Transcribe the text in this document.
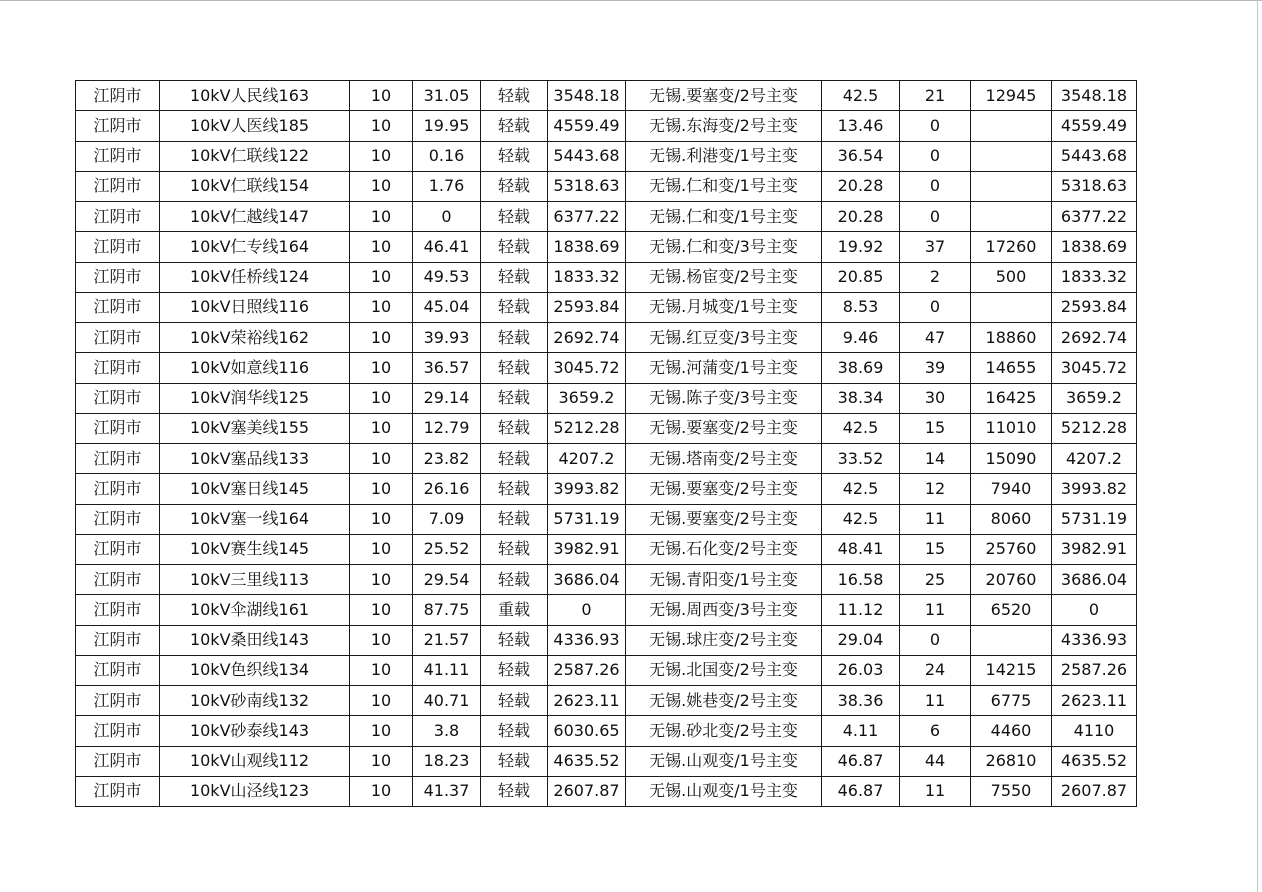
江阴市	10kV人民线163	10	31.05	轻载	3548.18	无锡.要塞变/2号主变	42.5	21	12945	3548.18
江阴市	10kV人医线185	10	19.95	轻载	4559.49	无锡.东海变/2号主变	13.46	0		4559.49
江阴市	10kV仁联线122	10	0.16	轻载	5443.68	无锡.利港变/1号主变	36.54	0		5443.68
江阴市	10kV仁联线154	10	1.76	轻载	5318.63	无锡.仁和变/1号主变	20.28	0		5318.63
江阴市	10kV仁越线147	10	0	轻载	6377.22	无锡.仁和变/1号主变	20.28	0		6377.22
江阴市	10kV仁专线164	10	46.41	轻载	1838.69	无锡.仁和变/3号主变	19.92	37	17260	1838.69
江阴市	10kV任桥线124	10	49.53	轻载	1833.32	无锡.杨宦变/2号主变	20.85	2	500	1833.32
江阴市	10kV日照线116	10	45.04	轻载	2593.84	无锡.月城变/1号主变	8.53	0		2593.84
江阴市	10kV荣裕线162	10	39.93	轻载	2692.74	无锡.红豆变/3号主变	9.46	47	18860	2692.74
江阴市	10kV如意线116	10	36.57	轻载	3045.72	无锡.河蒲变/1号主变	38.69	39	14655	3045.72
江阴市	10kV润华线125	10	29.14	轻载	3659.2	无锡.陈子变/3号主变	38.34	30	16425	3659.2
江阴市	10kV塞美线155	10	12.79	轻载	5212.28	无锡.要塞变/2号主变	42.5	15	11010	5212.28
江阴市	10kV塞品线133	10	23.82	轻载	4207.2	无锡.塔南变/2号主变	33.52	14	15090	4207.2
江阴市	10kV塞日线145	10	26.16	轻载	3993.82	无锡.要塞变/2号主变	42.5	12	7940	3993.82
江阴市	10kV塞一线164	10	7.09	轻载	5731.19	无锡.要塞变/2号主变	42.5	11	8060	5731.19
江阴市	10kV赛生线145	10	25.52	轻载	3982.91	无锡.石化变/2号主变	48.41	15	25760	3982.91
江阴市	10kV三里线113	10	29.54	轻载	3686.04	无锡.青阳变/1号主变	16.58	25	20760	3686.04
江阴市	10kV伞湖线161	10	87.75	重载	0	无锡.周西变/3号主变	11.12	11	6520	0
江阴市	10kV桑田线143	10	21.57	轻载	4336.93	无锡.球庄变/2号主变	29.04	0		4336.93
江阴市	10kV色织线134	10	41.11	轻载	2587.26	无锡.北国变/2号主变	26.03	24	14215	2587.26
江阴市	10kV砂南线132	10	40.71	轻载	2623.11	无锡.姚巷变/2号主变	38.36	11	6775	2623.11
江阴市	10kV砂泰线143	10	3.8	轻载	6030.65	无锡.砂北变/2号主变	4.11	6	4460	4110
江阴市	10kV山观线112	10	18.23	轻载	4635.52	无锡.山观变/1号主变	46.87	44	26810	4635.52
江阴市	10kV山泾线123	10	41.37	轻载	2607.87	无锡.山观变/1号主变	46.87	11	7550	2607.87
